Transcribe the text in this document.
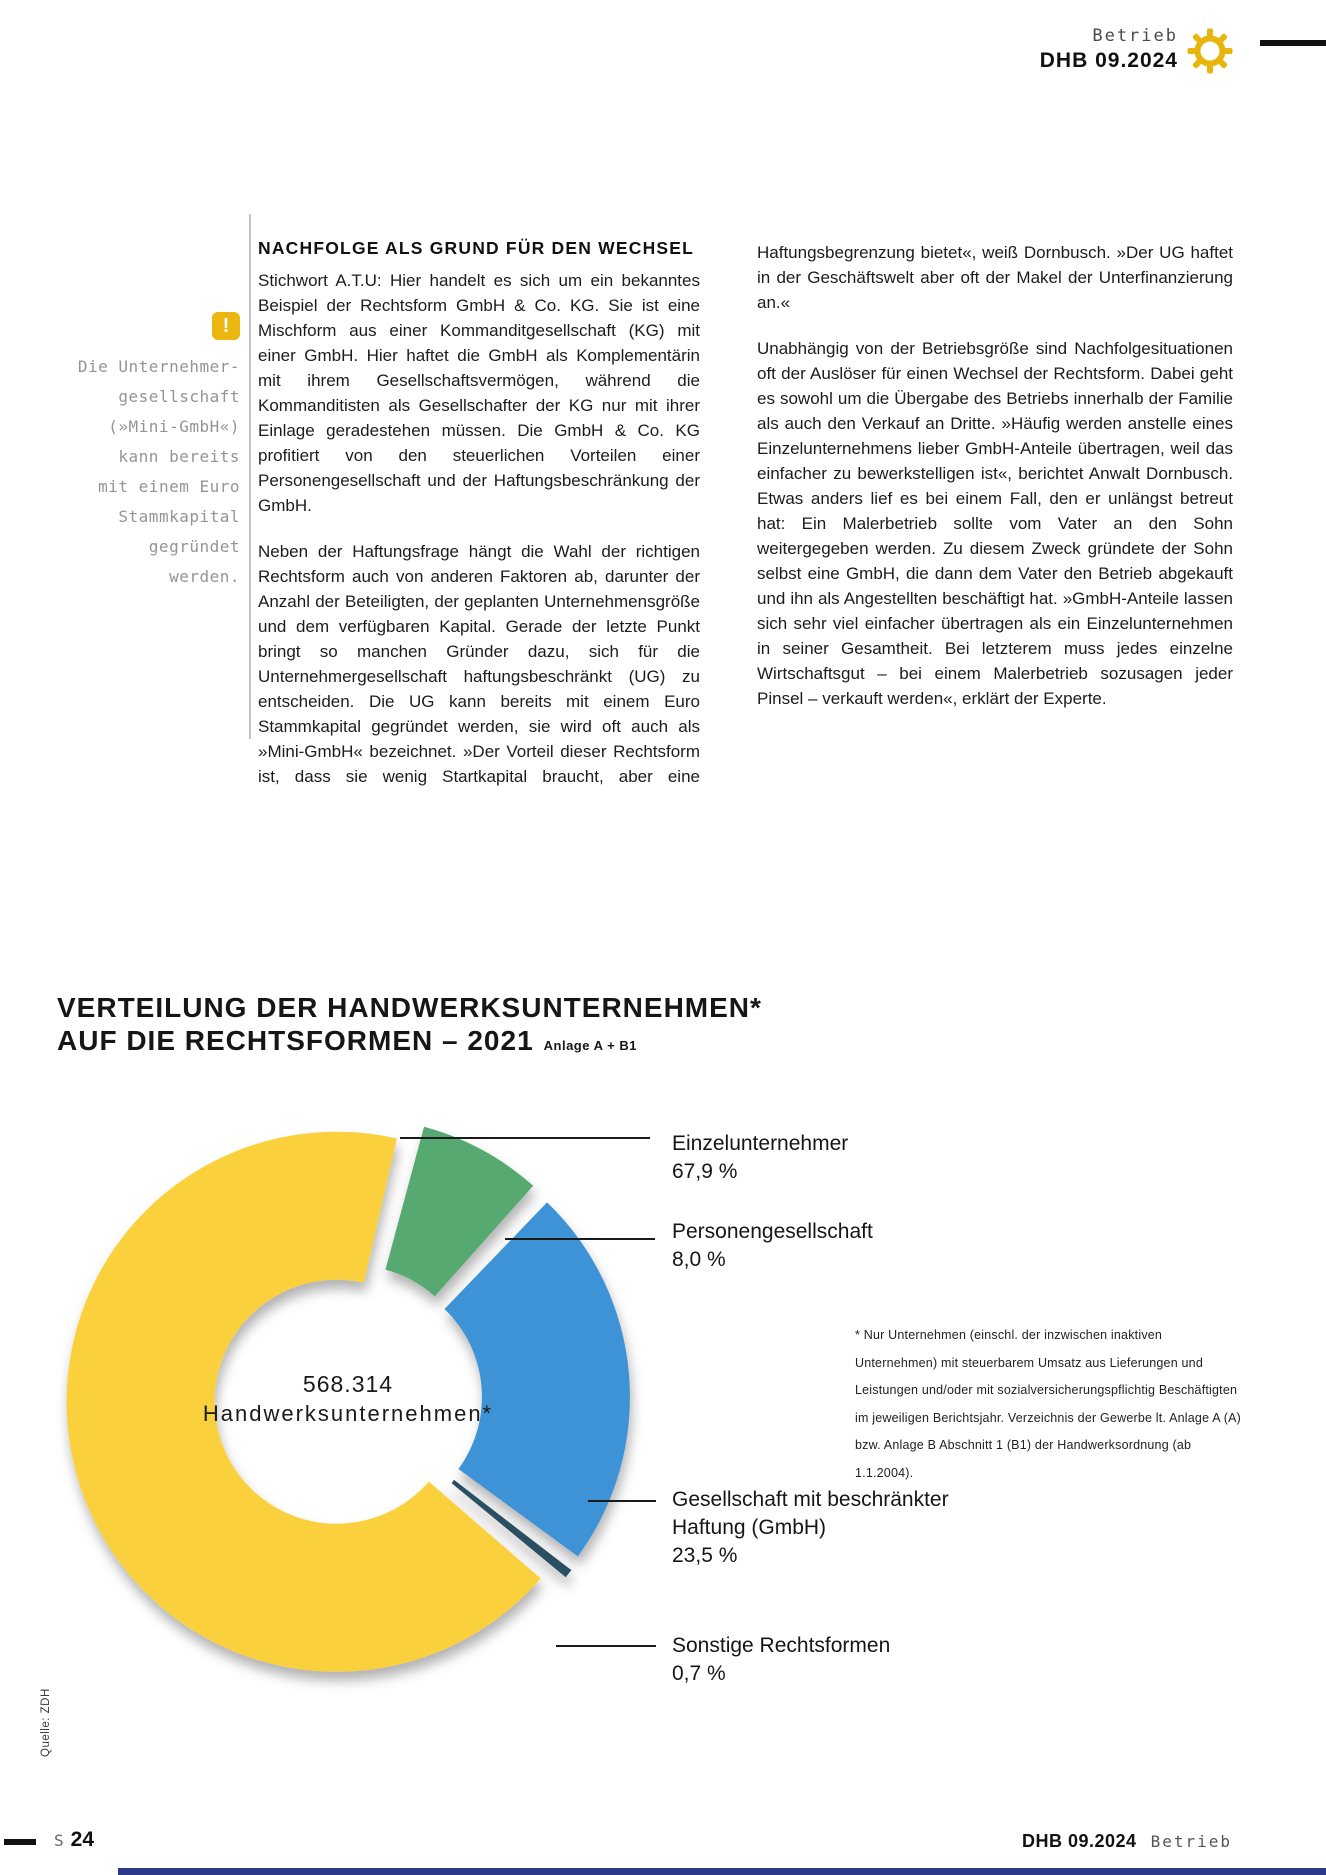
Betrieb
DHB 09.2024
!
Die Unternehmer-
gesellschaft
(»Mini-GmbH«)
kann bereits
mit einem Euro
Stammkapital
gegründet
werden.
NACHFOLGE ALS GRUND FÜR DEN WECHSEL

Stichwort A.T.U: Hier handelt es sich um ein bekanntes Beispiel der Rechtsform GmbH & Co. KG. Sie ist eine Mischform aus einer Kommanditgesellschaft (KG) mit einer GmbH. Hier haftet die GmbH als Komplementärin mit ihrem Gesellschaftsvermögen, während die Kommanditisten als Gesellschafter der KG nur mit ihrer Einlage geradestehen müssen. Die GmbH & Co. KG profitiert von den steuerlichen Vorteilen einer Personengesellschaft und der Haftungsbeschränkung der GmbH.

Neben der Haftungsfrage hängt die Wahl der richtigen Rechtsform auch von anderen Faktoren ab, darunter der Anzahl der Beteiligten, der geplanten Unternehmensgröße und dem verfügbaren Kapital. Gerade der letzte Punkt bringt so manchen Gründer dazu, sich für die Unternehmergesellschaft haftungsbeschränkt (UG) zu entscheiden. Die UG kann bereits mit einem Euro Stammkapital gegründet werden, sie wird oft auch als »Mini-GmbH« bezeichnet. »Der Vorteil dieser Rechtsform ist, dass sie wenig Startkapital braucht, aber eine

Haftungsbegrenzung bietet«, weiß Dornbusch. »Der UG haftet in der Geschäftswelt aber oft der Makel der Unterfinanzierung an.«

Unabhängig von der Betriebsgröße sind Nachfolgesituationen oft der Auslöser für einen Wechsel der Rechtsform. Dabei geht es sowohl um die Übergabe des Betriebs innerhalb der Familie als auch den Verkauf an Dritte. »Häufig werden anstelle eines Einzelunternehmens lieber GmbH-Anteile übertragen, weil das einfacher zu bewerkstelligen ist«, berichtet Anwalt Dornbusch. Etwas anders lief es bei einem Fall, den er unlängst betreut hat: Ein Malerbetrieb sollte vom Vater an den Sohn weitergegeben werden. Zu diesem Zweck gründete der Sohn selbst eine GmbH, die dann dem Vater den Betrieb abgekauft und ihn als Angestellten beschäftigt hat. »GmbH-Anteile lassen sich sehr viel einfacher übertragen als ein Einzelunternehmen in seiner Gesamtheit. Bei letzterem muss jedes einzelne Wirtschaftsgut – bei einem Malerbetrieb sozusagen jeder Pinsel – verkauft werden«, erklärt der Experte.

VERTEILUNG DER HANDWERKSUNTERNEHMEN*
AUF DIE RECHTSFORMEN – 2021 Anlage A + B1
568.314
Handwerksunternehmen*
Einzelunternehmer
67,9 %
Personengesellschaft
8,0 %
Gesellschaft mit beschränkter Haftung (GmbH)
23,5 %
Sonstige Rechtsformen
0,7 %
* Nur Unternehmen (einschl. der inzwischen inaktiven Unternehmen) mit steuerbarem Umsatz aus Lieferungen und Leistungen und/oder mit sozialversicherungspflichtig Beschäftigten im jeweiligen Berichtsjahr. Verzeichnis der Gewerbe lt. Anlage A (A) bzw. Anlage B Abschnitt 1 (B1) der Handwerksordnung (ab 1.1.2004).
Quelle: ZDH
S 24	DHB 09.2024 Betrieb
